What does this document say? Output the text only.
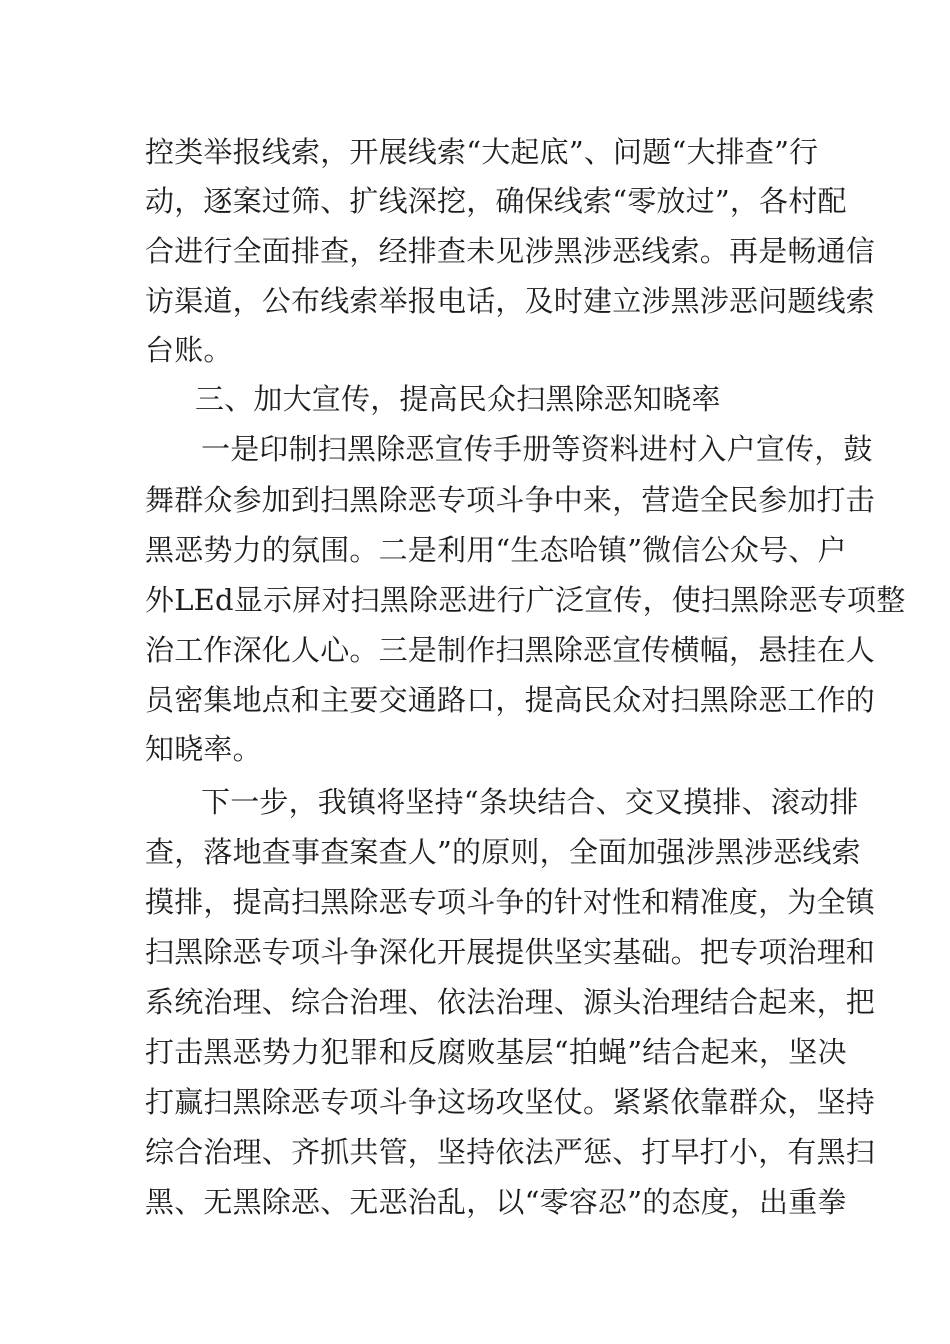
控类举报线索，开展线索“大起底”、问题“大排查”行
动，逐案过筛、扩线深挖，确保线索“零放过”，各村配
合进行全面排查，经排查未见涉黑涉恶线索。再是畅通信
访渠道，公布线索举报电话，及时建立涉黑涉恶问题线索
台账。
三、加大宣传，提高民众扫黑除恶知晓率
一是印制扫黑除恶宣传手册等资料进村入户宣传，鼓
舞群众参加到扫黑除恶专项斗争中来，营造全民参加打击
黑恶势力的氛围。二是利用“生态哈镇”微信公众号、户
外LEd显示屏对扫黑除恶进行广泛宣传，使扫黑除恶专项整
治工作深化人心。三是制作扫黑除恶宣传横幅，悬挂在人
员密集地点和主要交通路口，提高民众对扫黑除恶工作的
知晓率。
下一步，我镇将坚持“条块结合、交叉摸排、滚动排
查，落地查事查案查人”的原则，全面加强涉黑涉恶线索
摸排，提高扫黑除恶专项斗争的针对性和精准度，为全镇
扫黑除恶专项斗争深化开展提供坚实基础。把专项治理和
系统治理、综合治理、依法治理、源头治理结合起来，把
打击黑恶势力犯罪和反腐败基层“拍蝇”结合起来，坚决
打赢扫黑除恶专项斗争这场攻坚仗。紧紧依靠群众，坚持
综合治理、齐抓共管，坚持依法严惩、打早打小，有黑扫
黑、无黑除恶、无恶治乱，以“零容忍”的态度，出重拳
